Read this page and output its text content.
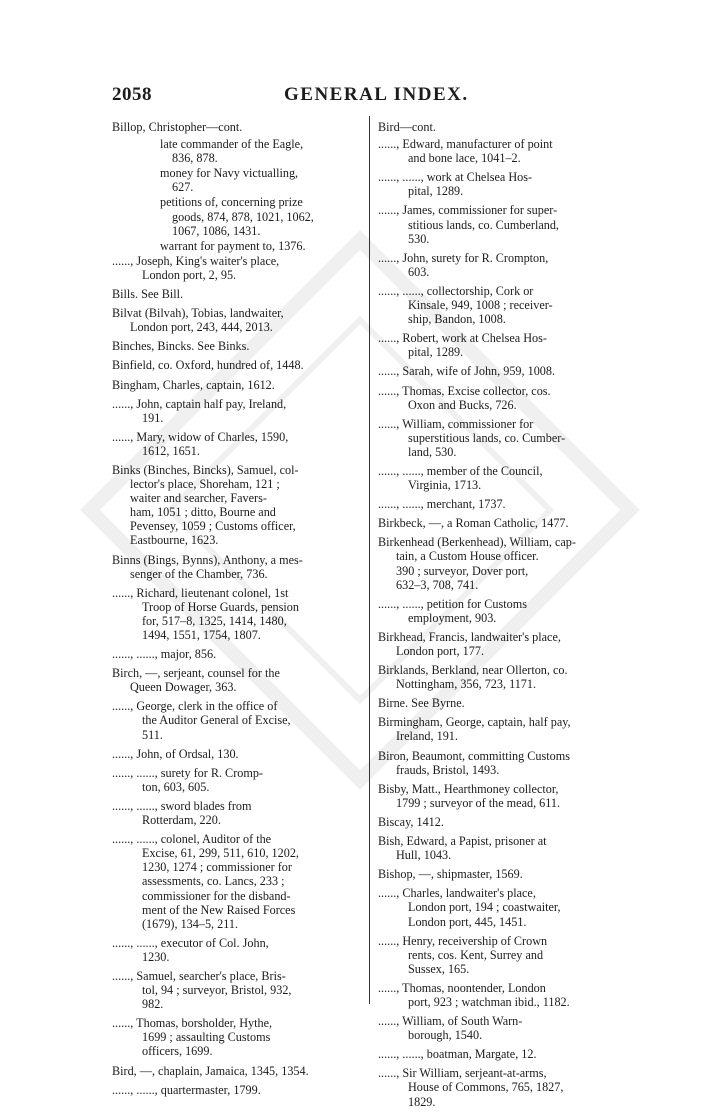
2058	GENERAL INDEX.
Billop, Christopher—cont.
late commander of the Eagle,
836, 878.
money for Navy victualling,
627.
petitions of, concerning prize
goods, 874, 878, 1021, 1062,
1067, 1086, 1431.
warrant for payment to, 1376.
......, Joseph, King's waiter's place,
London port, 2, 95.
Bills. See Bill.
Bilvat (Bilvah), Tobias, landwaiter,
London port, 243, 444, 2013.
Binches, Bincks. See Binks.
Binfield, co. Oxford, hundred of, 1448.
Bingham, Charles, captain, 1612.
......, John, captain half pay, Ireland,
191.
......, Mary, widow of Charles, 1590,
1612, 1651.
Binks (Binches, Bincks), Samuel, col-
lector's place, Shoreham, 121 ;
waiter and searcher, Favers-
ham, 1051 ; ditto, Bourne and
Pevensey, 1059 ; Customs officer,
Eastbourne, 1623.
Binns (Bings, Bynns), Anthony, a mes-
senger of the Chamber, 736.
......, Richard, lieutenant colonel, 1st
Troop of Horse Guards, pension
for, 517–8, 1325, 1414, 1480,
1494, 1551, 1754, 1807.
......, ......, major, 856.
Birch, —, serjeant, counsel for the
Queen Dowager, 363.
......, George, clerk in the office of
the Auditor General of Excise,
511.
......, John, of Ordsal, 130.
......, ......, surety for R. Cromp-
ton, 603, 605.
......, ......, sword blades from
Rotterdam, 220.
......, ......, colonel, Auditor of the
Excise, 61, 299, 511, 610, 1202,
1230, 1274 ; commissioner for
assessments, co. Lancs, 233 ;
commissioner for the disband-
ment of the New Raised Forces
(1679), 134–5, 211.
......, ......, executor of Col. John,
1230.
......, Samuel, searcher's place, Bris-
tol, 94 ; surveyor, Bristol, 932,
982.
......, Thomas, borsholder, Hythe,
1699 ; assaulting Customs
officers, 1699.
Bird, —, chaplain, Jamaica, 1345, 1354.
......, ......, quartermaster, 1799.
Bird—cont.
......, Edward, manufacturer of point
and bone lace, 1041–2.
......, ......, work at Chelsea Hos-
pital, 1289.
......, James, commissioner for super-
stitious lands, co. Cumberland,
530.
......, John, surety for R. Crompton,
603.
......, ......, collectorship, Cork or
Kinsale, 949, 1008 ; receiver-
ship, Bandon, 1008.
......, Robert, work at Chelsea Hos-
pital, 1289.
......, Sarah, wife of John, 959, 1008.
......, Thomas, Excise collector, cos.
Oxon and Bucks, 726.
......, William, commissioner for
superstitious lands, co. Cumber-
land, 530.
......, ......, member of the Council,
Virginia, 1713.
......, ......, merchant, 1737.
Birkbeck, —, a Roman Catholic, 1477.
Birkenhead (Berkenhead), William, cap-
tain, a Custom House officer.
390 ; surveyor, Dover port,
632–3, 708, 741.
......, ......, petition for Customs
employment, 903.
Birkhead, Francis, landwaiter's place,
London port, 177.
Birklands, Berkland, near Ollerton, co.
Nottingham, 356, 723, 1171.
Birne. See Byrne.
Birmingham, George, captain, half pay,
Ireland, 191.
Biron, Beaumont, committing Customs
frauds, Bristol, 1493.
Bisby, Matt., Hearthmoney collector,
1799 ; surveyor of the mead, 611.
Biscay, 1412.
Bish, Edward, a Papist, prisoner at
Hull, 1043.
Bishop, —, shipmaster, 1569.
......, Charles, landwaiter's place,
London port, 194 ; coastwaiter,
London port, 445, 1451.
......, Henry, receivership of Crown
rents, cos. Kent, Surrey and
Sussex, 165.
......, Thomas, noontender, London
port, 923 ; watchman ibid., 1182.
......, William, of South Warn-
borough, 1540.
......, ......, boatman, Margate, 12.
......, Sir William, serjeant-at-arms,
House of Commons, 765, 1827,
1829.
